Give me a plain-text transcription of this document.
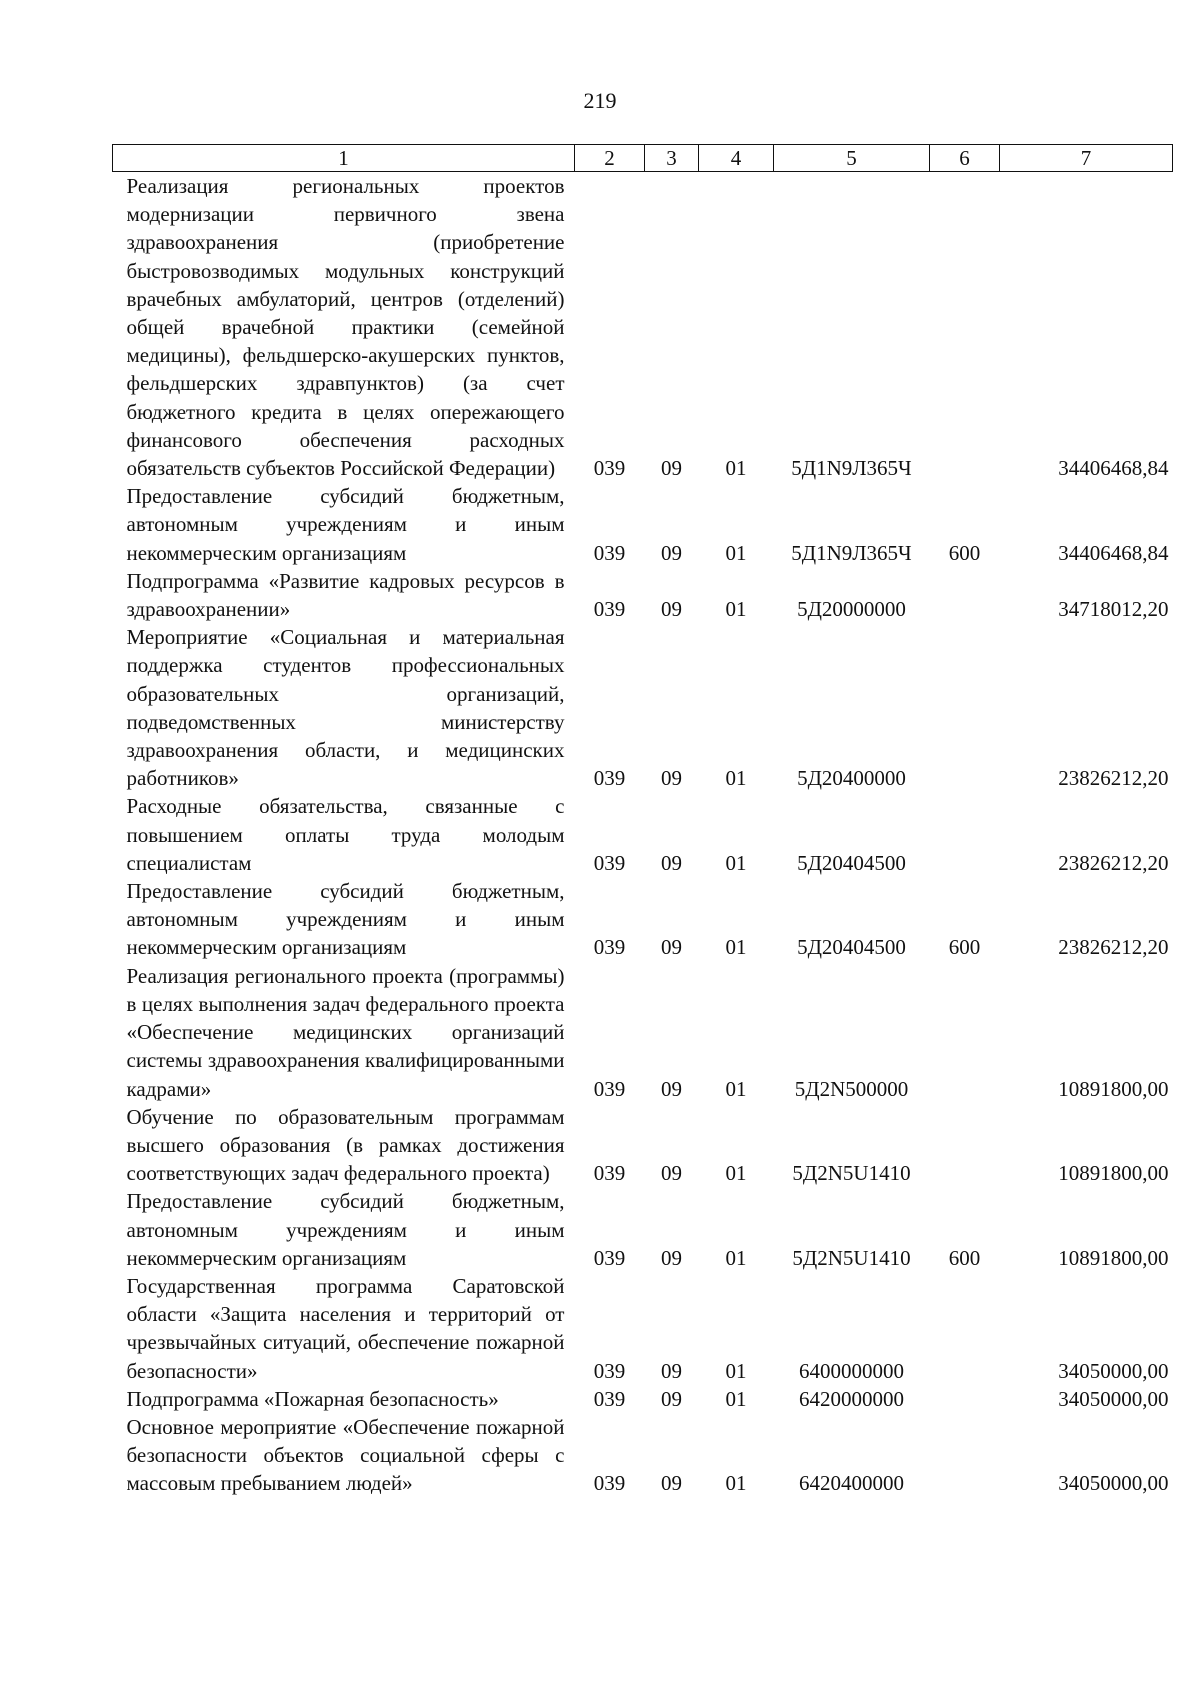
219
1	2	3	4	5	6	7
Реализация региональных проектов модернизации первичного звена здравоохранения (приобретение быстровозводимых модульных конструкций врачебных амбулаторий, центров (отделений) общей врачебной практики (семейной медицины), фельдшерско-акушерских пунктов, фельдшерских здравпунктов) (за счет бюджетного кредита в целях опережающего финансового обеспечения расходных обязательств субъектов Российской Федерации)	039	09	01	5Д1N9Л365Ч		34406468,84
Предоставление субсидий бюджетным, автономным учреждениям и иным некоммерческим организациям	039	09	01	5Д1N9Л365Ч	600	34406468,84
Подпрограмма «Развитие кадровых ресурсов в здравоохранении»	039	09	01	5Д20000000		34718012,20
Мероприятие «Социальная и материальная поддержка студентов профессиональных образовательных организаций, подведомственных министерству здравоохранения области, и медицинских работников»	039	09	01	5Д20400000		23826212,20
Расходные обязательства, связанные с повышением оплаты труда молодым специалистам	039	09	01	5Д20404500		23826212,20
Предоставление субсидий бюджетным, автономным учреждениям и иным некоммерческим организациям	039	09	01	5Д20404500	600	23826212,20
Реализация регионального проекта (программы) в целях выполнения задач федерального проекта «Обеспечение медицинских организаций системы здравоохранения квалифицированными кадрами»	039	09	01	5Д2N500000		10891800,00
Обучение по образовательным программам высшего образования (в рамках достижения соответствующих задач федерального проекта)	039	09	01	5Д2N5U1410		10891800,00
Предоставление субсидий бюджетным, автономным учреждениям и иным некоммерческим организациям	039	09	01	5Д2N5U1410	600	10891800,00
Государственная программа Саратовской области «Защита населения и территорий от чрезвычайных ситуаций, обеспечение пожарной безопасности»	039	09	01	6400000000		34050000,00
Подпрограмма «Пожарная безопасность»	039	09	01	6420000000		34050000,00
Основное мероприятие «Обеспечение пожарной безопасности объектов социальной сферы с массовым пребыванием людей»	039	09	01	6420400000		34050000,00
